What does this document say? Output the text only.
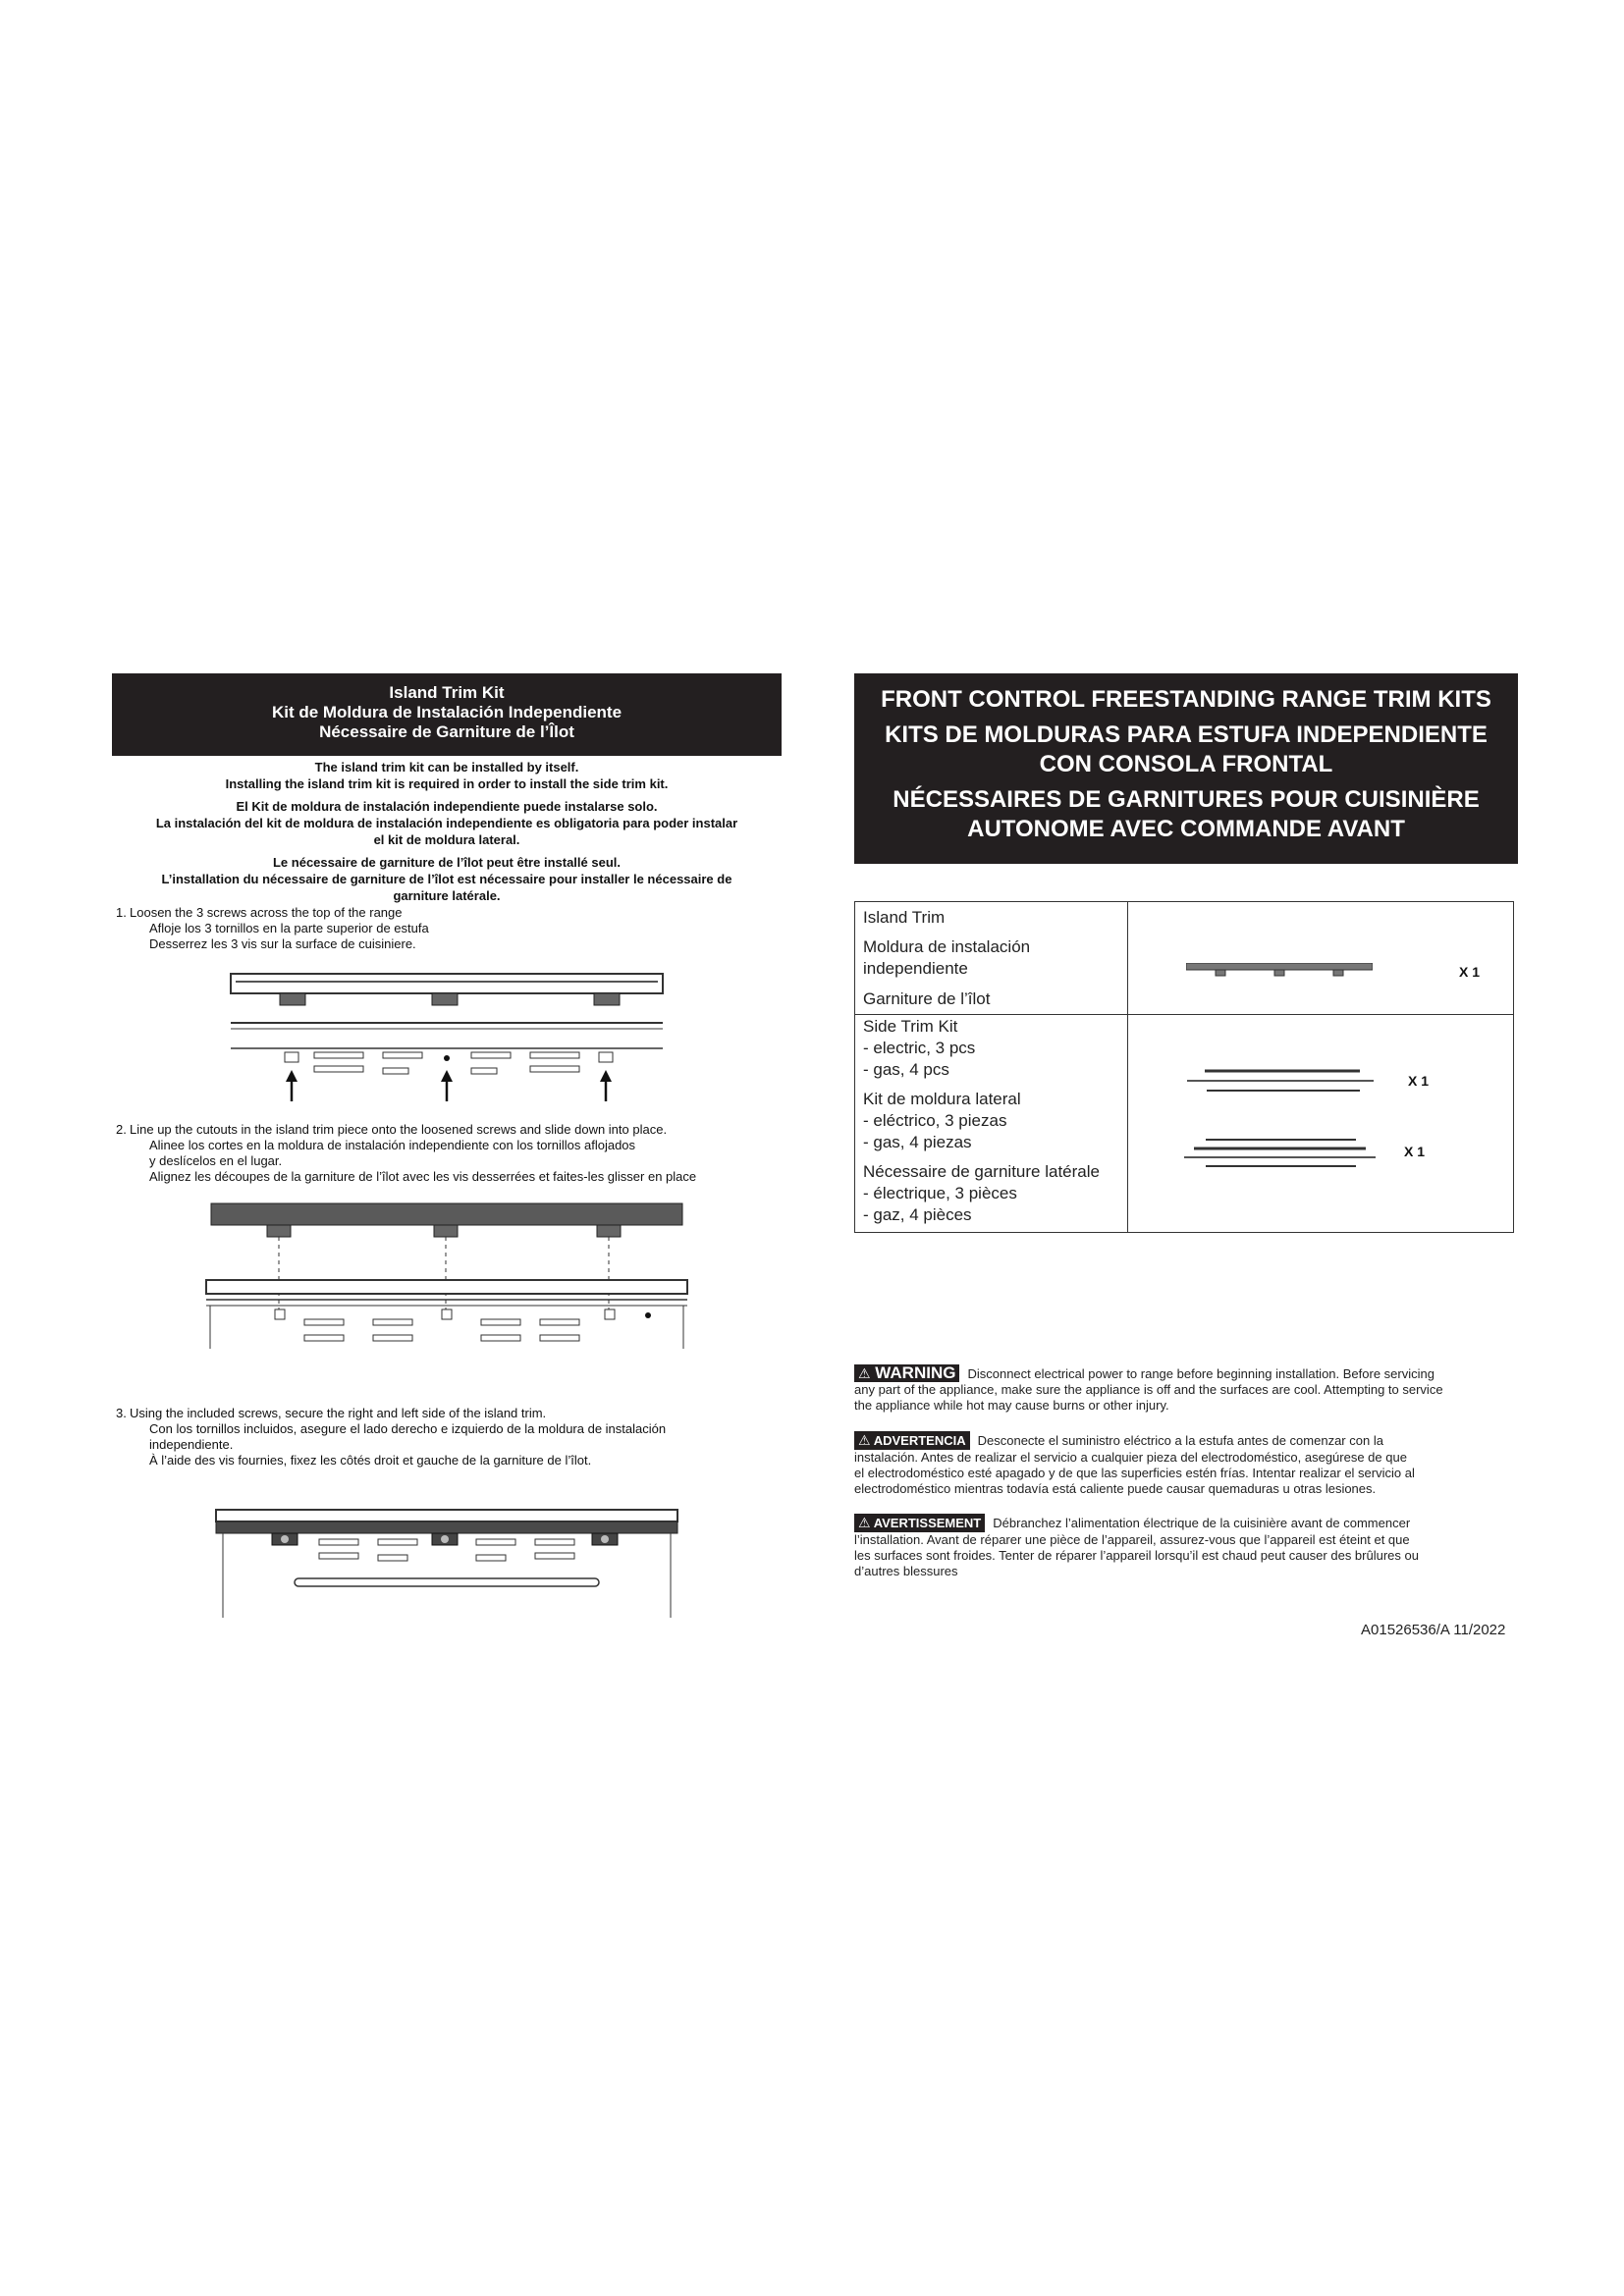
Island Trim Kit
Kit de Moldura de Instalación Independiente
Nécessaire de Garniture de l’Îlot
The island trim kit can be installed by itself.
Installing the island trim kit is required in order to install the side trim kit.
El Kit de moldura de instalación independiente puede instalarse solo.
La instalación del kit de moldura de instalación independiente es obligatoria para poder instalar
el kit de moldura lateral.
Le nécessaire de garniture de l’îlot peut être installé seul.
L’installation du nécessaire de garniture de l’îlot est nécessaire pour installer le nécessaire de
garniture latérale.
1. Loosen the 3 screws across the top of the range
Afloje los 3 tornillos en la parte superior de estufa
Desserrez les 3 vis sur la surface de cuisiniere.
2. Line up the cutouts in the island trim piece onto the loosened screws and slide down into place.
Alinee los cortes en la moldura de instalación independiente con los tornillos aflojados
y deslícelos en el lugar.
Alignez les découpes de la garniture de l’îlot avec les vis desserrées et faites-les glisser en place
3. Using the included screws, secure the right and left side of the island trim.
Con los tornillos incluidos, asegure el lado derecho e izquierdo de la moldura de instalación
independiente.
À l’aide des vis fournies, fixez les côtés droit et gauche de la garniture de l’îlot.
FRONT CONTROL FREESTANDING RANGE TRIM KITS
KITS DE MOLDURAS PARA ESTUFA INDEPENDIENTE
CON CONSOLA FRONTAL
NÉCESSAIRES DE GARNITURES POUR CUISINIÈRE
AUTONOME AVEC COMMANDE AVANT
Island Trim
Moldura de instalación
independiente
Garniture de l’îlot
Side Trim Kit
- electric, 3 pcs
- gas, 4 pcs
Kit de moldura lateral
- eléctrico, 3 piezas
- gas, 4 piezas
Nécessaire de garniture latérale
- électrique, 3 pièces
- gaz, 4 pièces
X 1
X 1
X 1
⚠ WARNING Disconnect electrical power to range before beginning installation. Before servicing
any part of the appliance, make sure the appliance is off and the surfaces are cool. Attempting to service
the appliance while hot may cause burns or other injury.
⚠ ADVERTENCIA Desconecte el suministro eléctrico a la estufa antes de comenzar con la
instalación. Antes de realizar el servicio a cualquier pieza del electrodoméstico, asegúrese de que
el electrodoméstico esté apagado y de que las superficies estén frías. Intentar realizar el servicio al
electrodoméstico mientras todavía está caliente puede causar quemaduras u otras lesiones.
⚠ AVERTISSEMENT Débranchez l’alimentation électrique de la cuisinière avant de commencer
l’installation. Avant de réparer une pièce de l’appareil, assurez-vous que l’appareil est éteint et que
les surfaces sont froides. Tenter de réparer l’appareil lorsqu’il est chaud peut causer des brûlures ou
d’autres blessures
A01526536/A 11/2022
